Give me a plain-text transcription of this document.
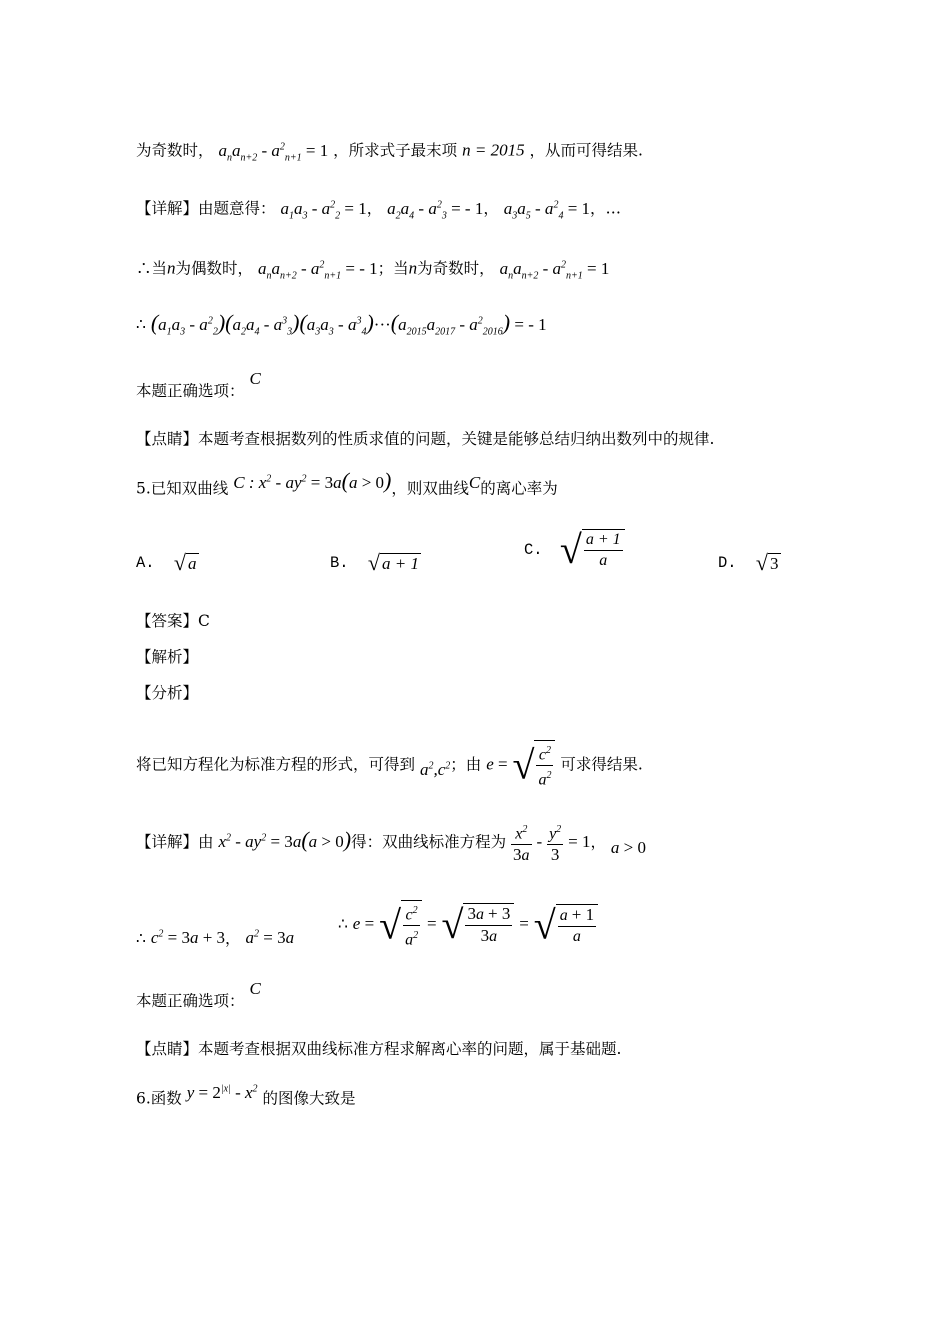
为奇数时， $a_na_{n+2} - a^2_{n+1} = 1$ ，所求式子最末项 n = 2015 ，从而可得结果.
【详解】由题意得： $a_1a_3 - a^2_2 = 1$， $a_2a_4 - a^2_3$ = - 1， $a_3a_5 - a^2_4 = 1$，…
∴当n为偶数时， $a_na_{n+2} - a^2_{n+1}$ = - 1；当n为奇数时， $a_na_{n+2} - a^2_{n+1} = 1$
∴ $(a_1a_3 - a^2_2)(a_2a_4 - a^3_3)(a_3a_3 - a^3_4)\cdot\cdot\cdot(a_{2015}a_{2017} - a^2_{2016})$ = - 1
本题正确选项： C
【点睛】本题考查根据数列的性质求值的问题，关键是能够总结归纳出数列中的规律.
5.已知双曲线 C : $x^2 - ay^2 = 3a(a > 0)$，则双曲线C的离心率为
A. √ a	B. √ a + 1
C. √ $\frac{a + 1}{a}$	D. √ 3
【答案】C
【解析】
【分析】
将已知方程化为标准方程的形式，可得到 $a^2,c^2$；由 e = √ $\frac{c^2}{a^2}$ 可求得结果.
【详解】由 $x^2 - ay^2 = 3a(a > 0)$得：双曲线标准方程为 $\frac{x^2}{3a} - \frac{y^2}{3} = 1$， a > 0
∴ $c^2 = 3a + 3$， $a^2 = 3a$  ∴ e = √ $\frac{c^2}{a^2}$ = √ $\frac{3a + 3}{3a}$ = √ $\frac{a + 1}{a}$
本题正确选项： C
【点睛】本题考查根据双曲线标准方程求解离心率的问题，属于基础题.
6.函数 $y = 2^{|x|} - x^2$ 的图像大致是
